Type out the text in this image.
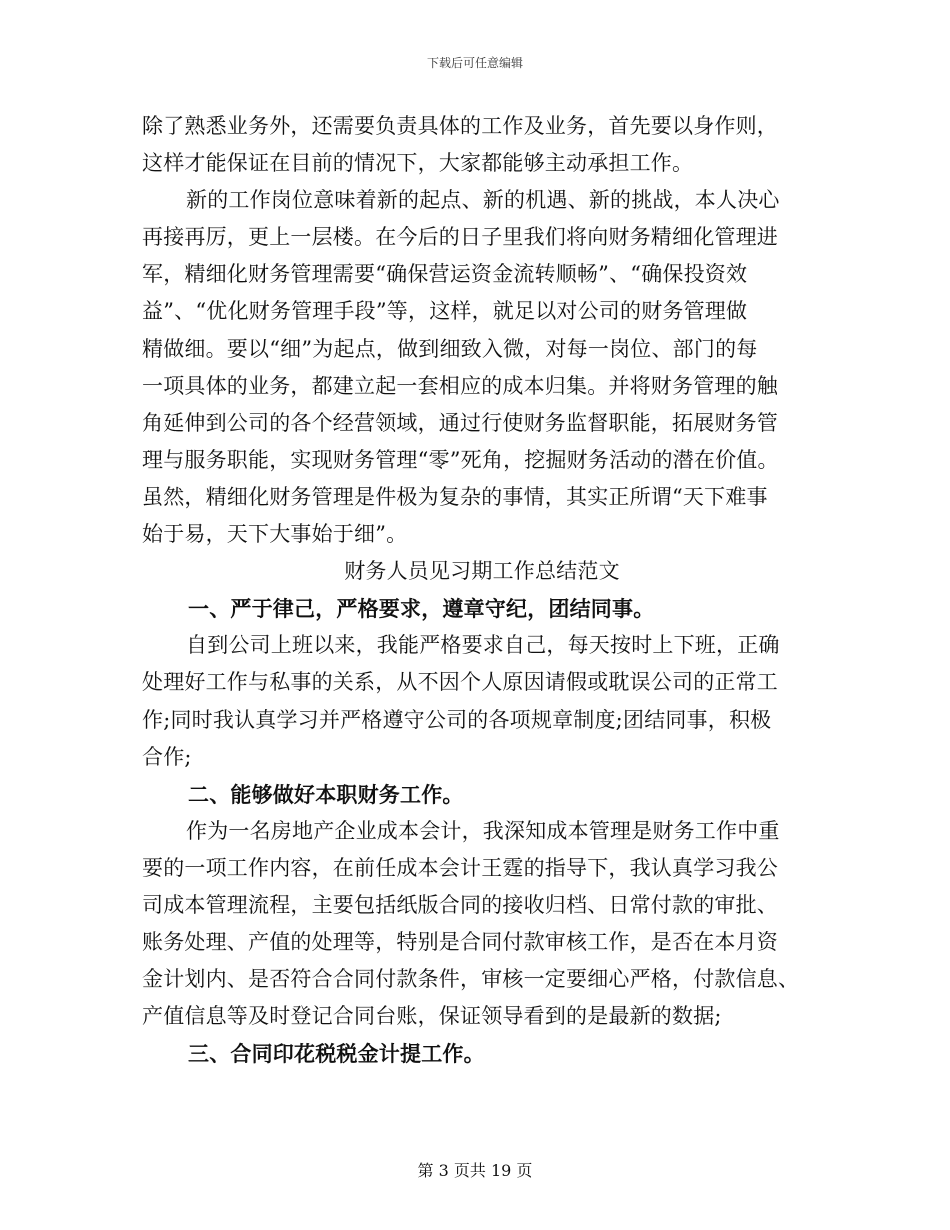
下载后可任意编辑
除了熟悉业务外，还需要负责具体的工作及业务，首先要以身作则，
这样才能保证在目前的情况下，大家都能够主动承担工作。
新的工作岗位意味着新的起点、新的机遇、新的挑战，本人决心
再接再厉，更上一层楼。在今后的日子里我们将向财务精细化管理进
军，精细化财务管理需要“确保营运资金流转顺畅”、“确保投资效
益”、“优化财务管理手段”等，这样，就足以对公司的财务管理做
精做细。要以“细”为起点，做到细致入微，对每一岗位、部门的每
一项具体的业务，都建立起一套相应的成本归集。并将财务管理的触
角延伸到公司的各个经营领域，通过行使财务监督职能，拓展财务管
理与服务职能，实现财务管理“零”死角，挖掘财务活动的潜在价值。
虽然，精细化财务管理是件极为复杂的事情，其实正所谓“天下难事
始于易，天下大事始于细”。
财务人员见习期工作总结范文
一、严于律己，严格要求，遵章守纪，团结同事。
自到公司上班以来，我能严格要求自己，每天按时上下班，正确
处理好工作与私事的关系，从不因个人原因请假或耽误公司的正常工
作;同时我认真学习并严格遵守公司的各项规章制度;团结同事，积极
合作;
二、能够做好本职财务工作。
作为一名房地产企业成本会计，我深知成本管理是财务工作中重
要的一项工作内容，在前任成本会计王霆的指导下，我认真学习我公
司成本管理流程，主要包括纸版合同的接收归档、日常付款的审批、
账务处理、产值的处理等，特别是合同付款审核工作，是否在本月资
金计划内、是否符合合同付款条件，审核一定要细心严格，付款信息、
产值信息等及时登记合同台账，保证领导看到的是最新的数据;
三、合同印花税税金计提工作。
第 3 页共 19 页
